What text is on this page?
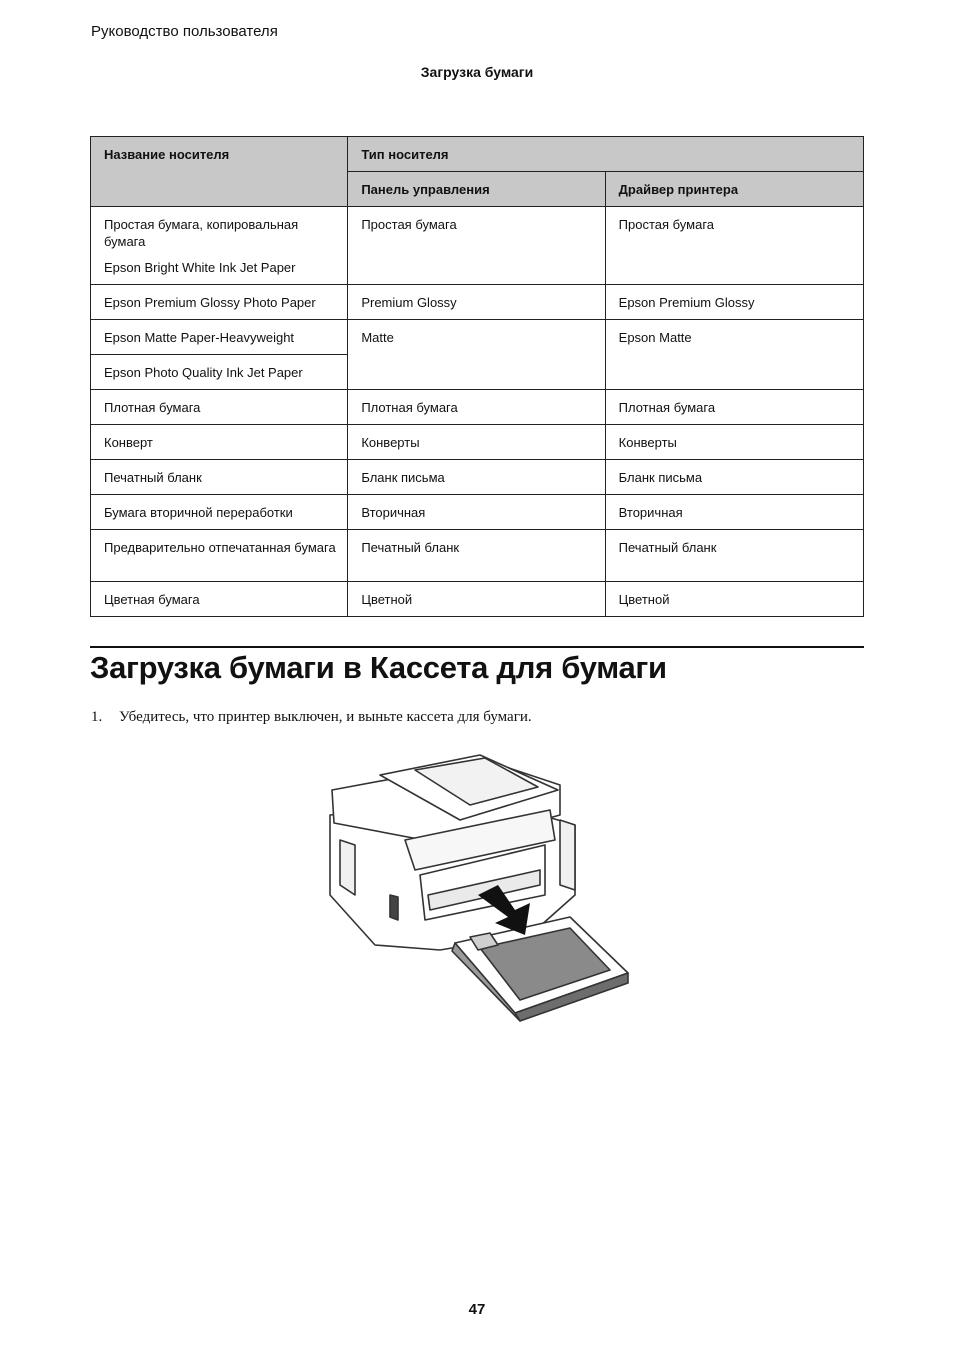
Руководство пользователя
Загрузка бумаги
Название носителя	Тип носителя	
	Панель управления	Драйвер принтера

Простая бумага, копировальная бумага
Epson Bright White Ink Jet Paper	Простая бумага	Простая бумага
Epson Premium Glossy Photo Paper	Premium Glossy	Epson Premium Glossy
Epson Matte Paper-Heavyweight	Matte	Epson Matte
Epson Photo Quality Ink Jet Paper		
Плотная бумага	Плотная бумага	Плотная бумага
Конверт	Конверты	Конверты
Печатный бланк	Бланк письма	Бланк письма
Бумага вторичной переработки	Вторичная	Вторичная
Предварительно отпечатанная бумага	Печатный бланк	Печатный бланк
Цветная бумага	Цветной	Цветной
Загрузка бумаги в Кассета для бумаги
1. Убедитесь, что принтер выключен, и выньте кассета для бумаги.
47
